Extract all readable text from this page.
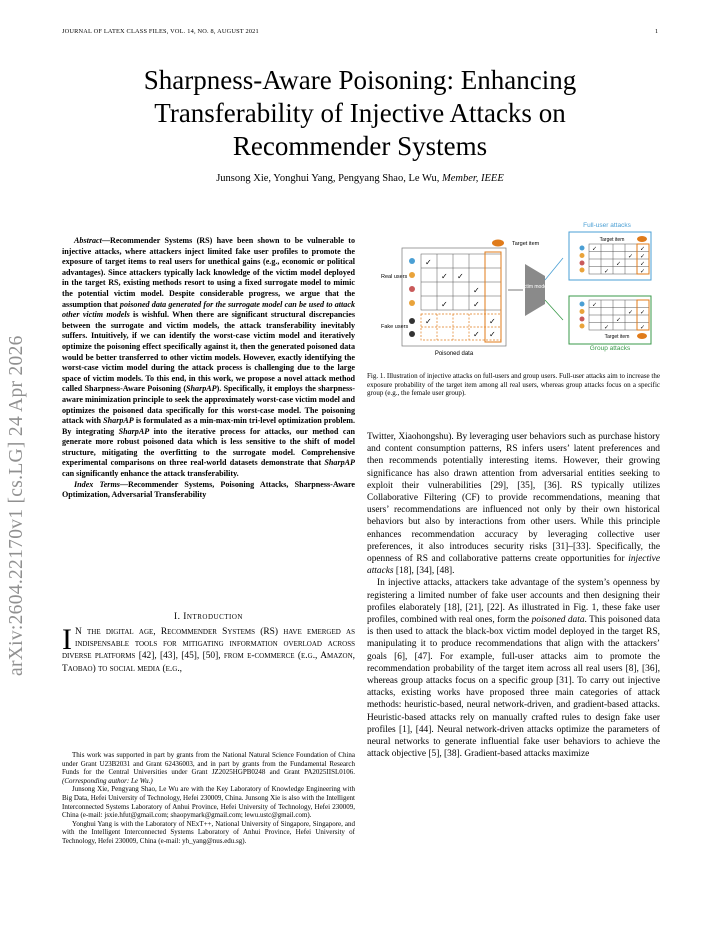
JOURNAL OF LATEX CLASS FILES, VOL. 14, NO. 8, AUGUST 2021	1
arXiv:2604.22170v1 [cs.LG] 24 Apr 2026
Sharpness-Aware Poisoning: Enhancing Transferability of Injective Attacks on Recommender Systems
Junsong Xie, Yonghui Yang, Pengyang Shao, Le Wu, Member, IEEE

Abstract—Recommender Systems (RS) have been shown to be vulnerable to injective attacks, where attackers inject limited fake user profiles to promote the exposure of target items to real users for unethical gains (e.g., economic or political advantages). Since attackers typically lack knowledge of the victim model deployed in the target RS, existing methods resort to using a fixed surrogate model to mimic the potential victim model. Despite considerable progress, we argue that the assumption that poisoned data generated for the surrogate model can be used to attack other victim models is wishful. When there are significant structural discrepancies between the surrogate and victim models, the attack transferability inevitably suffers. Intuitively, if we can identify the worst-case victim model and iteratively optimize the poisoning effect specifically against it, then the generated poisoned data would be better transferred to other victim models. However, exactly identifying the worst-case victim model during the attack process is challenging due to the large space of victim models. To this end, in this work, we propose a novel attack method called Sharpness-Aware Poisoning (SharpAP). Specifically, it employs the sharpness-aware minimization principle to seek the approximately worst-case victim model and optimizes the poisoned data specifically for this worst-case model. The poisoning attack with SharpAP is formulated as a min-max-min tri-level optimization problem. By integrating SharpAP into the iterative process for attacks, our method can generate more robust poisoned data which is less sensitive to the shift of model structure, mitigating the overfitting to the surrogate model. Comprehensive experimental comparisons on three real-world datasets demonstrate that SharpAP can significantly enhance the attack transferability.

Index Terms—Recommender Systems, Poisoning Attacks, Sharpness-Aware Optimization, Adversarial Transferability

I. Introduction
I N the digital age, Recommender Systems (RS) have emerged as indispensable tools for mitigating information overload across diverse platforms [42], [43], [45], [50], from e-commerce (e.g., Amazon, Taobao) to social media (e.g.,

This work was supported in part by grants from the National Natural Science Foundation of China under Grant U23B2031 and Grant 62436003, and in part by grants from the Fundamental Research Funds for the Central Universities under Grant JZ2025HGPB0248 and Grant PA2025IISL0106. (Corresponding author: Le Wu.)

Junsong Xie, Pengyang Shao, Le Wu are with the Key Laboratory of Knowledge Engineering with Big Data, Hefei University of Technology, Hefei 230009, China. Junsong Xie is also with the Intelligent Interconnected Systems Laboratory of Anhui Province, Hefei University of Technology, Hefei 230009, China (e-mail: jsxie.hfut@gmail.com; shaopymark@gmail.com; lewu.ustc@gmail.com).

Yonghui Yang is with the Laboratory of NExT++, National University of Singapore, Singapore, and with the Intelligent Interconnected Systems Laboratory of Anhui Province, Hefei University of Technology, Hefei 230009, China (e-mail: yh_yang@nus.edu.sg).

Full-user attacks
Target item
✓	✓
✓ ✓
✓	✓
✓	✓
✓
✓ ✓
✓
✓	✓
Target item
Group attacks
Victim models
Target item
✓
✓ ✓
✓
✓	✓
✓	✓
✓ ✓
Real users
Fake users
Poisoned data
Fig. 1. Illustration of injective attacks on full-users and group users. Full-user attacks aim to increase the exposure probability of the target item among all real users, whereas group attacks focus on a specific group (e.g., the female user group).

Twitter, Xiaohongshu). By leveraging user behaviors such as purchase history and content consumption patterns, RS infers users’ latent preferences and then recommends potentially interesting items. However, their growing significance has also drawn attention from adversarial entities seeking to exploit their vulnerabilities [29], [35], [36]. RS typically utilizes Collaborative Filtering (CF) to provide recommendations, meaning that users’ recommendations are influenced not only by their own historical behaviors but also by interactions from other users. While this principle enhances recommendation accuracy by leveraging collective user preferences, it also introduces security risks [31]–[33]. Specifically, the openness of RS and collaborative patterns create opportunities for injective attacks [18], [34], [48].

In injective attacks, attackers take advantage of the system’s openness by registering a limited number of fake user accounts and then designing their profiles elaborately [18], [21], [22]. As illustrated in Fig. 1, these fake user profiles, combined with real ones, form the poisoned data. This poisoned data is then used to attack the black-box victim model deployed in the target RS, manipulating it to produce recommendations that align with the attackers’ goals [6], [47]. For example, full-user attacks aim to promote the recommendation probability of the target item across all real users [8], [36], whereas group attacks focus on a specific group [31]. To carry out injective attacks, existing works have proposed three main categories of attack methods: heuristic-based, neural network-driven, and gradient-based attacks. Heuristic-based attacks rely on manually crafted rules to design fake user profiles [1], [44]. Neural network-driven attacks optimize the parameters of neural networks to generate influential fake user behaviors to achieve the attack objective [5], [38]. Gradient-based attacks maximize
